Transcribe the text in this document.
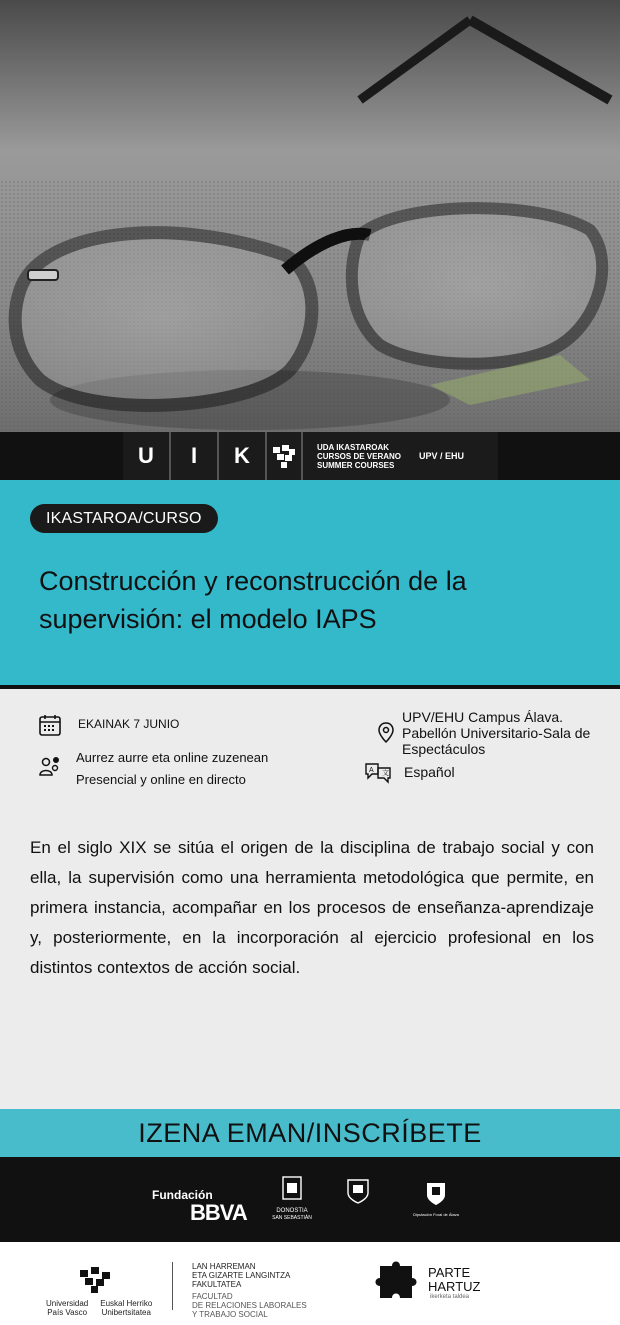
U	I	K	UDA IKASTAROAK
CURSOS DE VERANO
SUMMER COURSES
UPV / EHU
IKASTAROA/CURSO
Construcción y reconstrucción de la supervisión: el modelo IAPS
EKAINAK 7 JUNIO
Aurrez aurre eta online zuzenean
Presencial y online en directo
UPV/EHU Campus Álava. Pabellón Universitario-Sala de Espectáculos
A 文 Español

En el siglo XIX se sitúa el origen de la disciplina de trabajo social y con ella, la supervisión como una herramienta metodológica que permite, en primera instancia, acompañar en los procesos de enseñanza-aprendizaje y, posteriormente, en la incorporación al ejercicio profesional en los distintos contextos de acción social.

IZENA EMAN/INSCRÍBETE
Fundación
BBVA	DONOSTIA
SAN SEBASTIÁN
Diputación Foral de Álava
Universidad
País Vasco
Euskal Herriko
Unibertsitatea
LAN HARREMAN
ETA GIZARTE LANGINTZA
FAKULTATEA
FACULTAD
DE RELACIONES LABORALES
Y TRABAJO SOCIAL
PARTE
HARTUZ
ikerketa taldea
